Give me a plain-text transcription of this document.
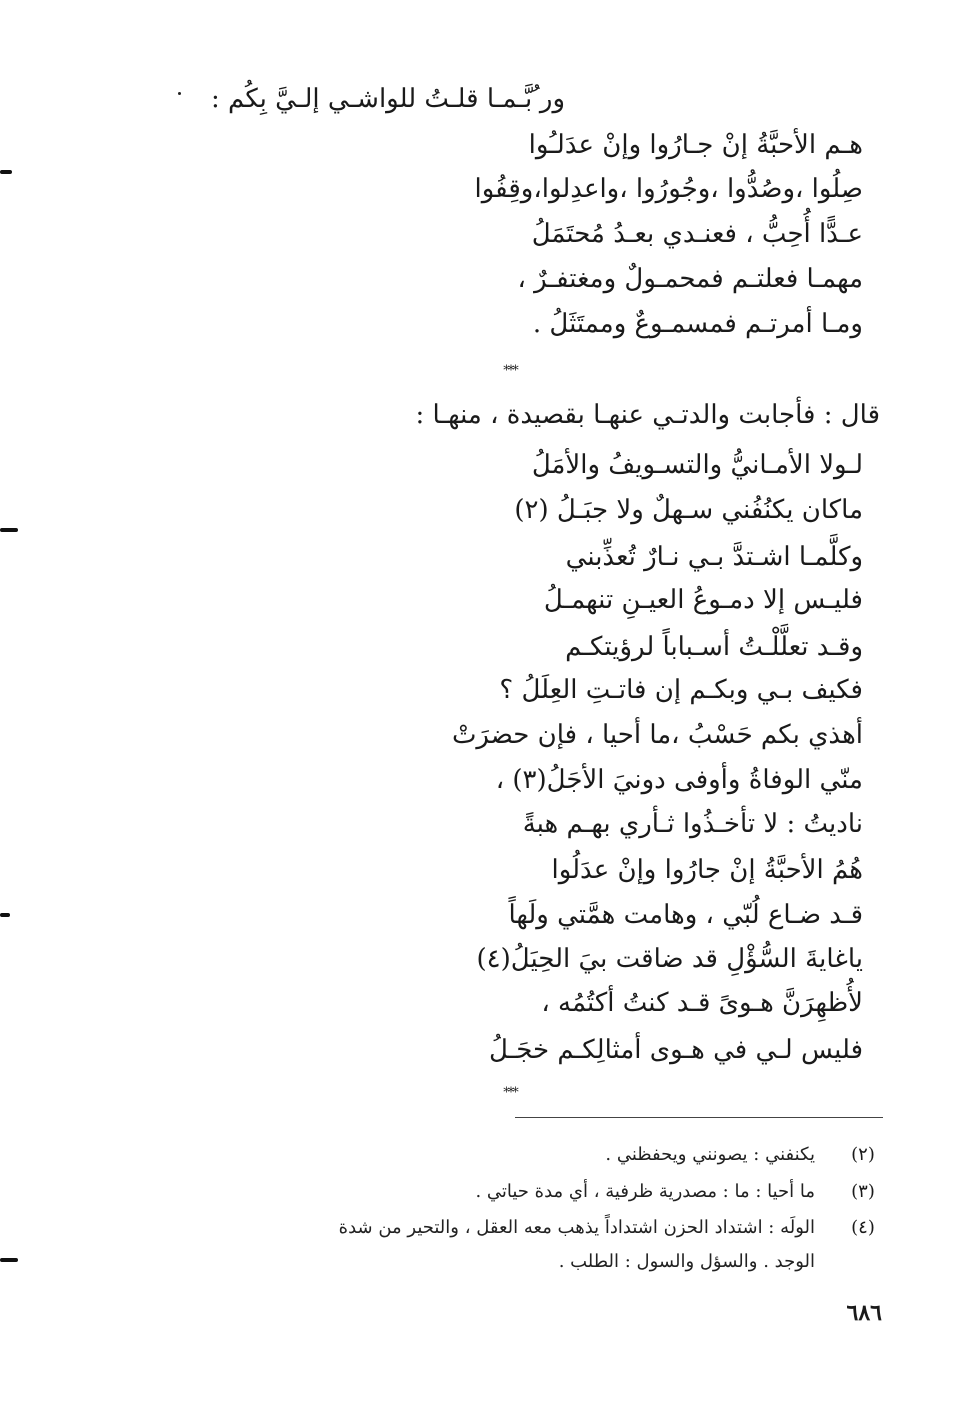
ور ُبَّـمـا قلـتُ للواشـي إلـيَّ بِكُم :
هـم الأحبَّةُ إنْ جـارُوا وإنْ عدَلـُوا
صِلُوا ،وصُدُّوا ،وجُورُوا ،واعدِلوا،وقِفُوا
عـدًّا أُحِبُّ ، فعنـدي بعـدُ مُحتَمَلُ
مهمـا فعلتـم فمحمـولٌ ومغتفـرٌ ،
ومـا أمرتـم فمسمـوعٌ وممتَثَلُ .
⁎⁎⁎
قال : فأجابت والدتـي عنهـا بقصيدة ، منهـا :
لـولا الأمـانيُّ والتسـويفُ والأمَلُ
ماكان يكنُفُني سـهلٌ ولا جبَـلُ (٢)
وكلَّمـا اشـتدَّ بـي نـارٌ تُعذِّبني
فليـس إلا دمـوعُ العيـنِ تنهمـلُ
وقـد تعلَّلْـتُ أسـباباً لرؤيتكـم
فكيف بـي وبكـم إن فاتـتِ العِلَلُ ؟
أهذي بكم حَسْبُ ،ما أحيا ، فإن حضرَتْ
منّي الوفاةُ وأوفى دونيَ الأجَلُ(٣) ،
ناديتُ : لا تأخـذُوا ثـأري بهـم هبةً
هُمُ الأحبَّةُ إنْ جارُوا وإنْ عدَلُوا
قـد ضـاع لُبّي ، وهامت همَّتي ولَهاً
ياغايةَ السُّؤْلِ قد ضاقت بيَ الحِيَلُ(٤)
لأُظهِرَنَّ هـوىً قـد كنتُ أكتُمُه ،
فليس لـي في هـوى أمثالِكـم خجَـلُ
⁎⁎⁎
(٢)
يكنفني : يصونني ويحفظني .
(٣)
ما أحيا : ما : مصدرية ظرفية ، أي مدة حياتي .
(٤)
الولَه : اشتداد الحزن اشتداداً يذهب معه العقل ، والتحير من شدة
الوجد . والسؤل والسول : الطلب .
٦٨٦
